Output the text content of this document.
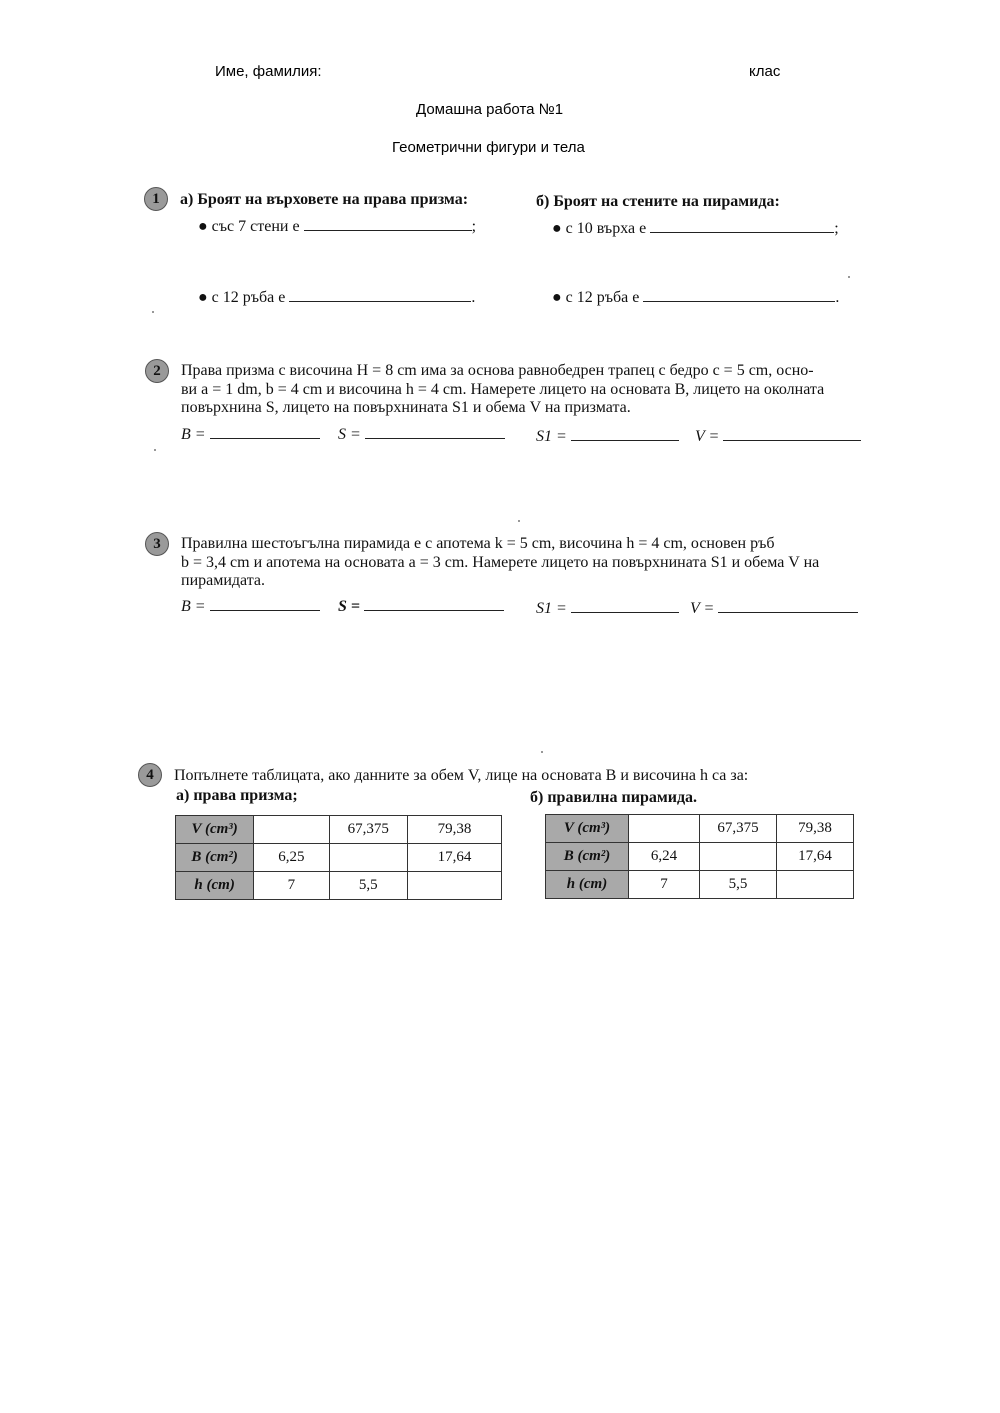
Име, фамилия:	клас
Домашна работа №1
Геометрични фигури и тела
1	а) Броят на върховете на права призма:
● със 7 стени е	;
● с 12 ръба е	.
б) Броят на стените на пирамида:
● с 10 върха е	;
● с 12 ръба е	.
2	Права призма с височина H = 8 cm има за основа равнобедрен трапец с бедро c = 5 cm, осно-
ви a = 1 dm, b = 4 cm и височина h = 4 cm. Намерете лицето на основата B, лицето на околната
повърхнина S, лицето на повърхнината S1 и обема V на призмата.
B =	S =	S1 =	V =
3	Правилна шестоъгълна пирамида е с апотема k = 5 cm, височина h = 4 cm, основен ръб
b = 3,4 cm и апотема на основата a = 3 cm. Намерете лицето на повърхнината S1 и обема V на
пирамидата.
B =	S =	S1 =	V =
4	Попълнете таблицата, ако данните за обем V, лице на основата B и височина h са за:
а) права призма;	б) правилна пирамида.
V (cm³)		67,375	79,38
B (cm²)	6,25		17,64
h (cm)	7	5,5	
V (cm³)		67,375	79,38
B (cm²)	6,24		17,64
h (cm)	7	5,5	
